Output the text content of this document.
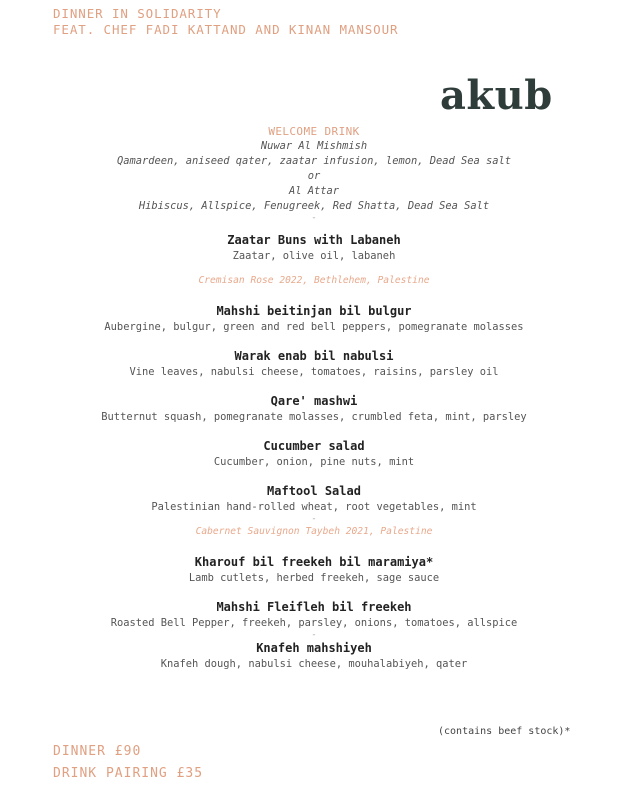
DINNER IN SOLIDARITY
FEAT. CHEF FADI KATTAND AND KINAN MANSOUR
akub
WELCOME DRINK
Nuwar Al Mishmish
Qamardeen, aniseed qater, zaatar infusion, lemon, Dead Sea salt
or
Al Attar
Hibiscus, Allspice, Fenugreek, Red Shatta, Dead Sea Salt
-
Zaatar Buns with Labaneh
Zaatar, olive oil, labaneh
Cremisan Rose 2022, Bethlehem, Palestine
Mahshi beitinjan bil bulgur
Aubergine, bulgur, green and red bell peppers, pomegranate molasses
Warak enab bil nabulsi
Vine leaves, nabulsi cheese, tomatoes, raisins, parsley oil
Qare' mashwi
Butternut squash, pomegranate molasses, crumbled feta, mint, parsley
Cucumber salad
Cucumber, onion, pine nuts, mint
Maftool Salad
Palestinian hand-rolled wheat, root vegetables, mint
-
Cabernet Sauvignon Taybeh 2021, Palestine
Kharouf bil freekeh bil maramiya*
Lamb cutlets, herbed freekeh, sage sauce
Mahshi Fleifleh bil freekeh
Roasted Bell Pepper, freekeh, parsley, onions, tomatoes, allspice
-
Knafeh mahshiyeh
Knafeh dough, nabulsi cheese, mouhalabiyeh, qater
(contains beef stock)*
DINNER £90
DRINK PAIRING £35
